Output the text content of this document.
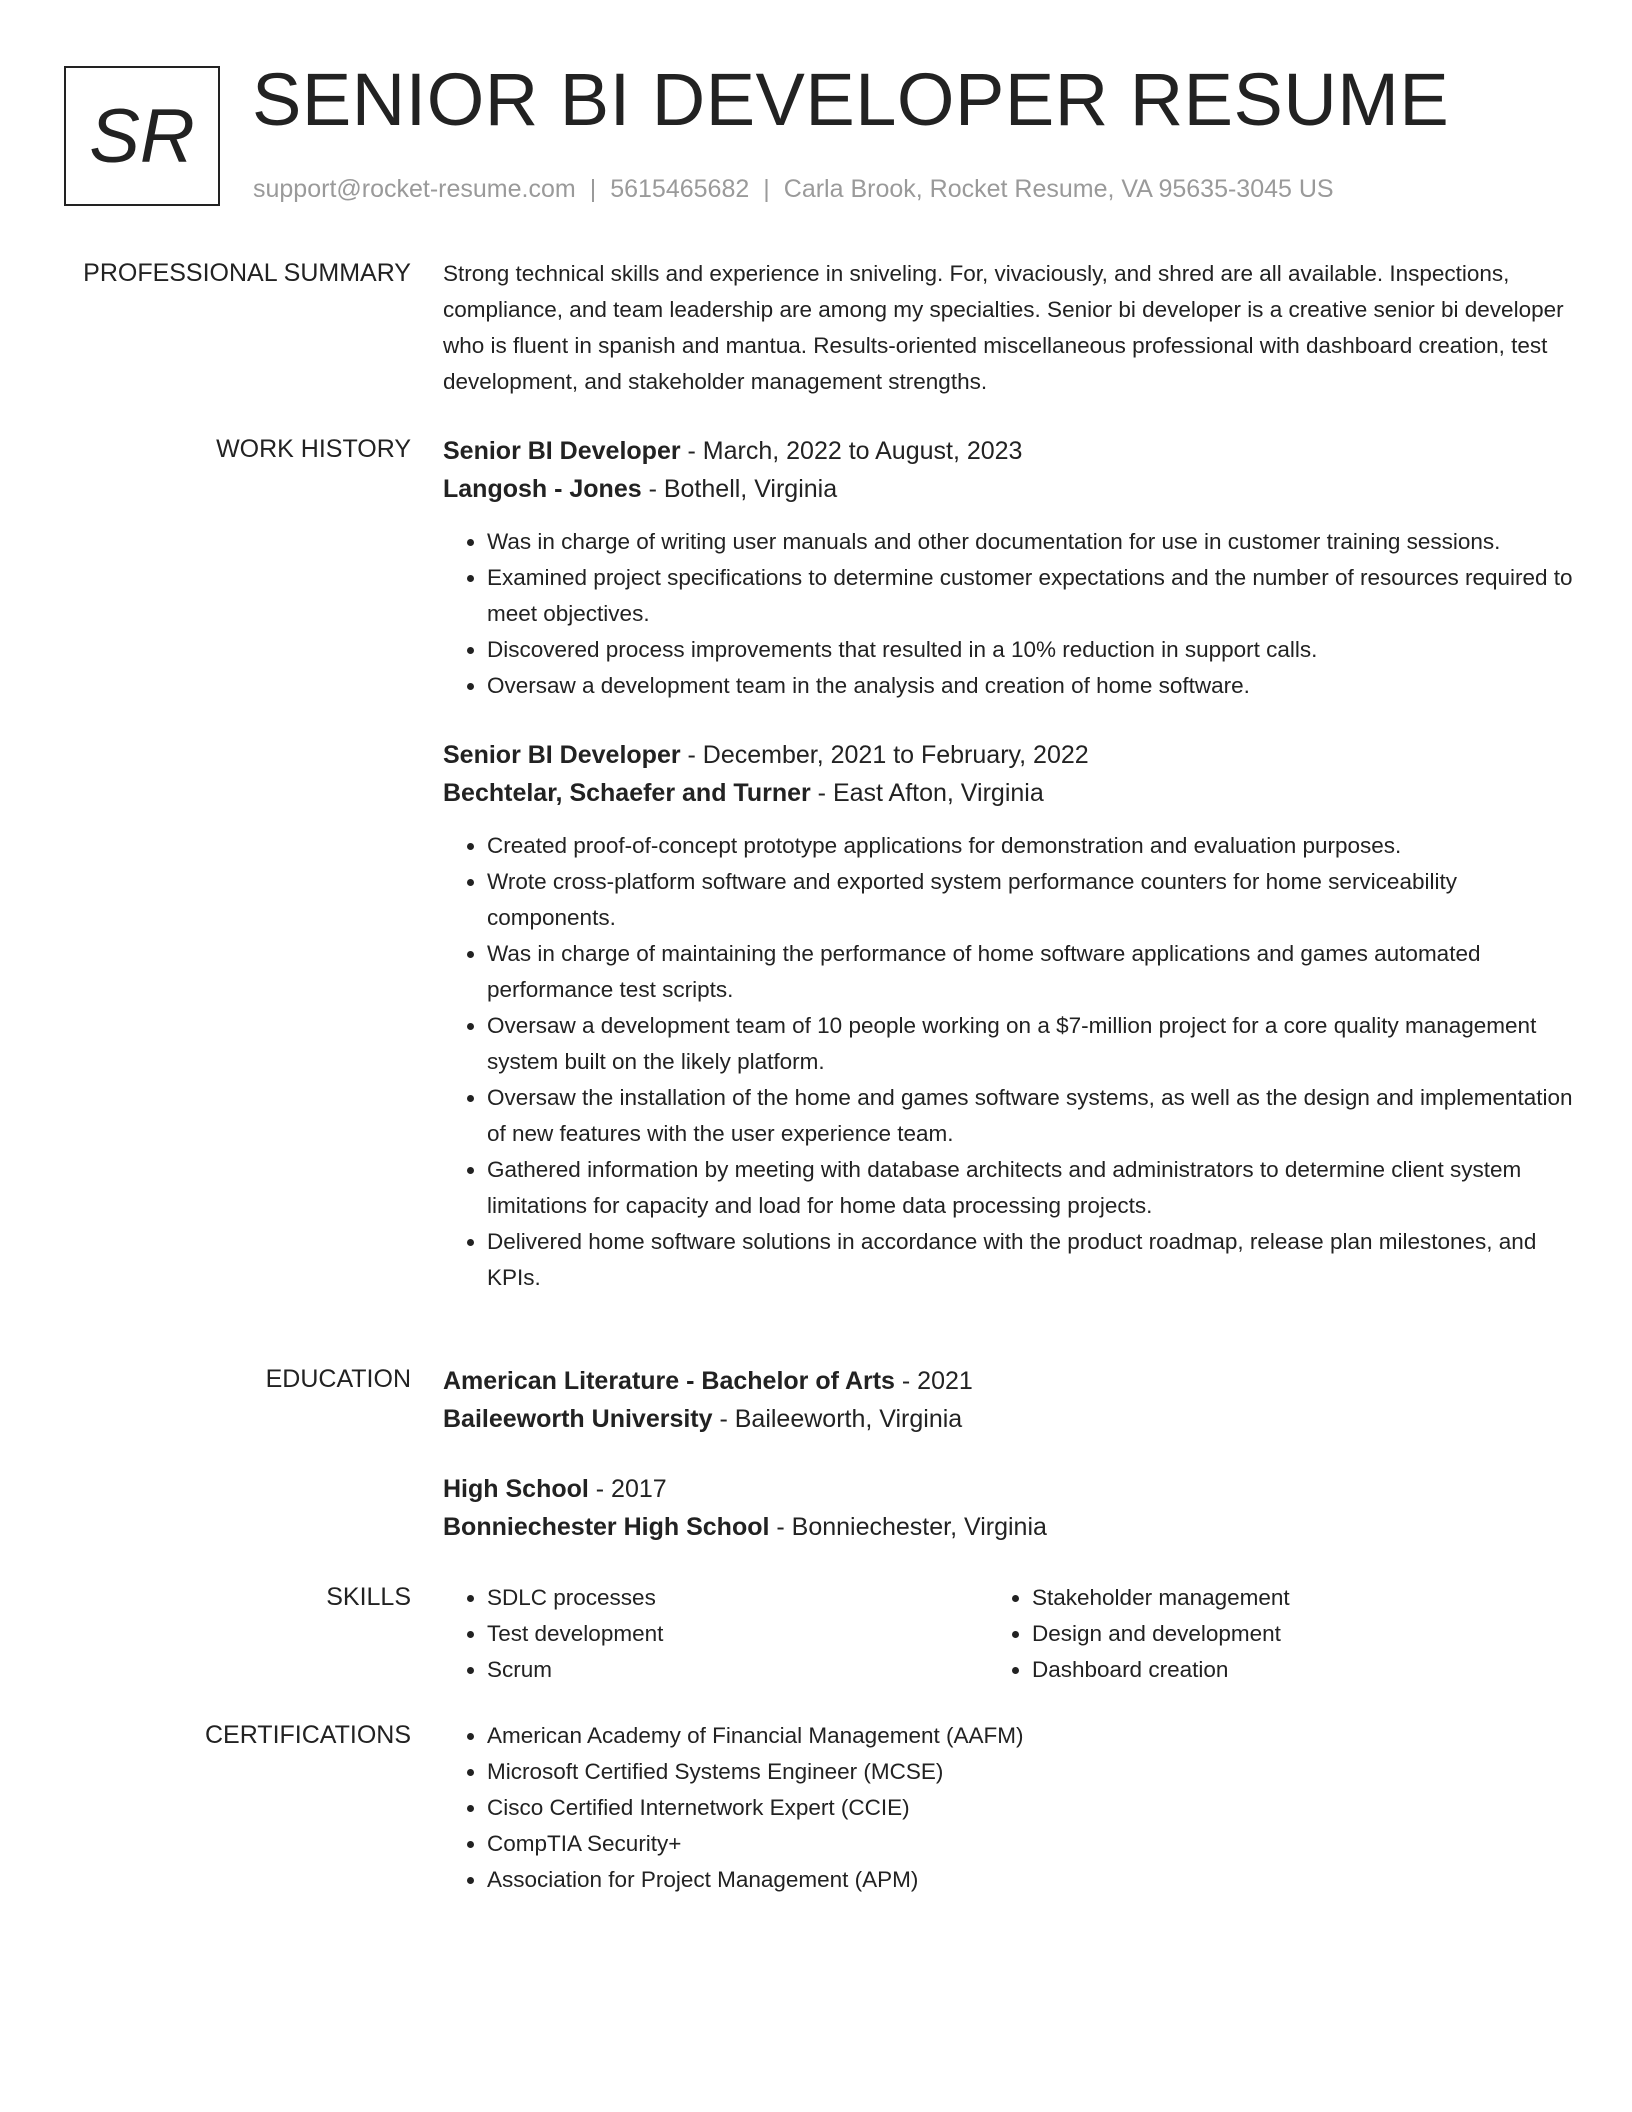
SR SENIOR BI DEVELOPER RESUME
support@rocket-resume.com | 5615465682 | Carla Brook, Rocket Resume, VA 95635-3045 US
PROFESSIONAL SUMMARY Strong technical skills and experience in sniveling. For, vivaciously, and shred are all available. Inspections, compliance, and team leadership are among my specialties. Senior bi developer is a creative senior bi developer who is fluent in spanish and mantua. Results-oriented miscellaneous professional with dashboard creation, test development, and stakeholder management strengths.

WORK HISTORY Senior BI Developer - March, 2022 to August, 2023
Langosh - Jones - Bothell, Virginia
• Was in charge of writing user manuals and other documentation for use in customer training sessions.
• Examined project specifications to determine customer expectations and the number of resources required to meet objectives.
• Discovered process improvements that resulted in a 10% reduction in support calls.
• Oversaw a development team in the analysis and creation of home software.
Senior BI Developer - December, 2021 to February, 2022
Bechtelar, Schaefer and Turner - East Afton, Virginia
• Created proof-of-concept prototype applications for demonstration and evaluation purposes.
• Wrote cross-platform software and exported system performance counters for home serviceability components.
• Was in charge of maintaining the performance of home software applications and games automated performance test scripts.
• Oversaw a development team of 10 people working on a $7-million project for a core quality management system built on the likely platform.
• Oversaw the installation of the home and games software systems, as well as the design and implementation of new features with the user experience team.
• Gathered information by meeting with database architects and administrators to determine client system limitations for capacity and load for home data processing projects.
• Delivered home software solutions in accordance with the product roadmap, release plan milestones, and KPIs.
EDUCATION American Literature - Bachelor of Arts - 2021
Baileeworth University - Baileeworth, Virginia
High School - 2017
Bonniechester High School - Bonniechester, Virginia
SKILLS	• SDLC processes
• Test development
• Scrum
• Stakeholder management
• Design and development
• Dashboard creation
CERTIFICATIONS	• American Academy of Financial Management (AAFM)
• Microsoft Certified Systems Engineer (MCSE)
• Cisco Certified Internetwork Expert (CCIE)
• CompTIA Security+
• Association for Project Management (APM)
